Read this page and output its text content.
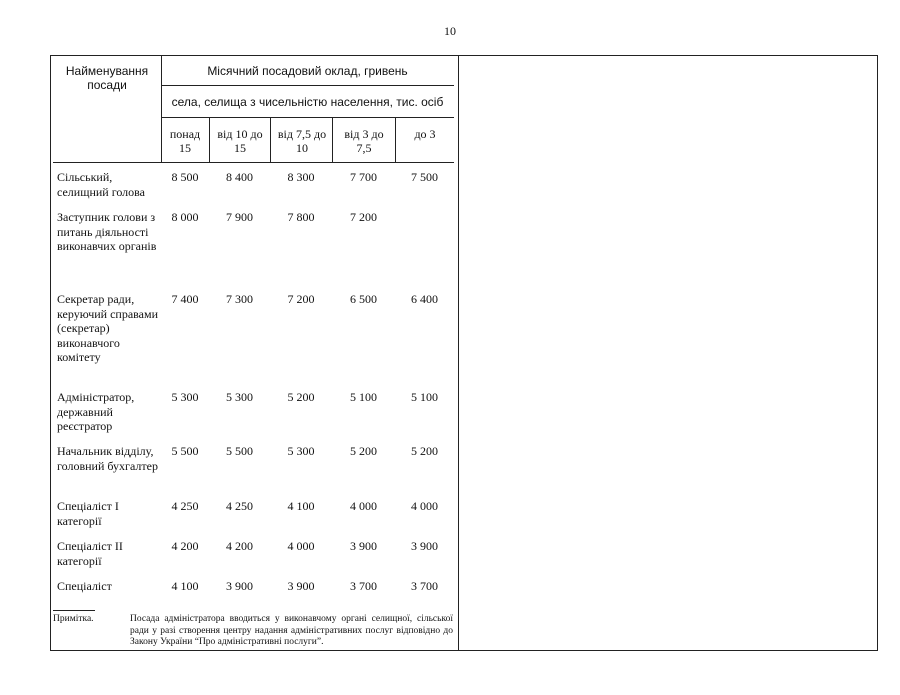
10
Найменування посади
Місячний посадовий оклад, гривень
села, селища з чисельністю населення, тис. осіб
понад 15
від 10 до 15
від 7,5 до 10
від 3 до 7,5
до 3
Сільський, селищний голова
8 500	8 400	8 300	7 700	7 500
Заступник голови з питань діяльності виконавчих органів
8 000	7 900	7 800	7 200
Секретар ради, керуючий справами (секретар) виконавчого комітету
7 400	7 300	7 200	6 500	6 400
Адміністратор, державний реєстратор
5 300	5 300	5 200	5 100	5 100
Начальник відділу, головний бухгалтер
5 500	5 500	5 300	5 200	5 200
Спеціаліст І категорії
4 250	4 250	4 100	4 000	4 000
Спеціаліст ІІ категорії
4 200	4 200	4 000	3 900	3 900
Спеціаліст	4 100	3 900	3 900	3 700	3 700
Примітка.	Посада адміністратора вводиться у виконавчому органі селищної, сільської ради у разі створення центру надання адміністративних послуг відповідно до Закону України “Про адміністративні послуги”.
